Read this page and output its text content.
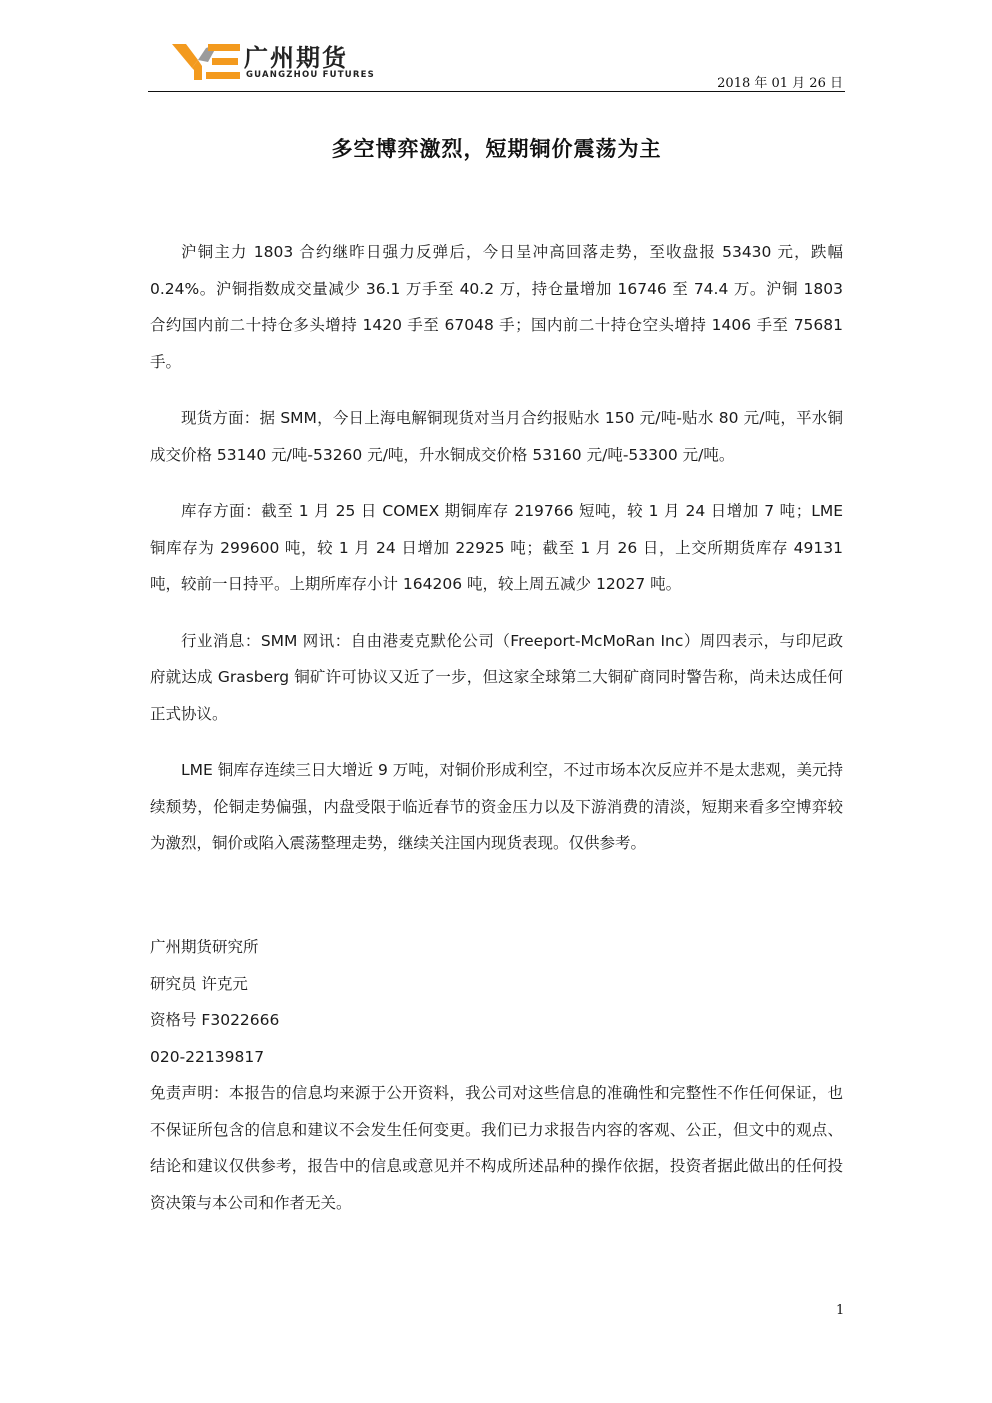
广州期货
GUANGZHOU FUTURES
2018 年 01 月 26 日
多空博弈激烈，短期铜价震荡为主

沪铜主力 1803 合约继昨日强力反弹后，今日呈冲高回落走势，至收盘报 53430 元，跌幅 0.24%。沪铜指数成交量减少 36.1 万手至 40.2 万，持仓量增加 16746 至 74.4 万。沪铜 1803 合约国内前二十持仓多头增持 1420 手至 67048 手；国内前二十持仓空头增持 1406 手至 75681 手。

现货方面：据 SMM，今日上海电解铜现货对当月合约报贴水 150 元/吨-贴水 80 元/吨，平水铜成交价格 53140 元/吨-53260 元/吨，升水铜成交价格 53160 元/吨-53300 元/吨。

库存方面：截至 1 月 25 日 COMEX 期铜库存 219766 短吨，较 1 月 24 日增加 7 吨；LME 铜库存为 299600 吨，较 1 月 24 日增加 22925 吨；截至 1 月 26 日，上交所期货库存 49131 吨，较前一日持平。上期所库存小计 164206 吨，较上周五减少 12027 吨。

行业消息：SMM 网讯：自由港麦克默伦公司（Freeport-McMoRan Inc）周四表示，与印尼政府就达成 Grasberg 铜矿许可协议又近了一步，但这家全球第二大铜矿商同时警告称，尚未达成任何正式协议。

LME 铜库存连续三日大增近 9 万吨，对铜价形成利空，不过市场本次反应并不是太悲观，美元持续颓势，伦铜走势偏强，内盘受限于临近春节的资金压力以及下游消费的清淡，短期来看多空博弈较为激烈，铜价或陷入震荡整理走势，继续关注国内现货表现。仅供参考。

广州期货研究所

研究员 许克元

资格号 F3022666

020-22139817

免责声明：本报告的信息均来源于公开资料，我公司对这些信息的准确性和完整性不作任何保证，也不保证所包含的信息和建议不会发生任何变更。我们已力求报告内容的客观、公正，但文中的观点、结论和建议仅供参考，报告中的信息或意见并不构成所述品种的操作依据，投资者据此做出的任何投资决策与本公司和作者无关。

1
